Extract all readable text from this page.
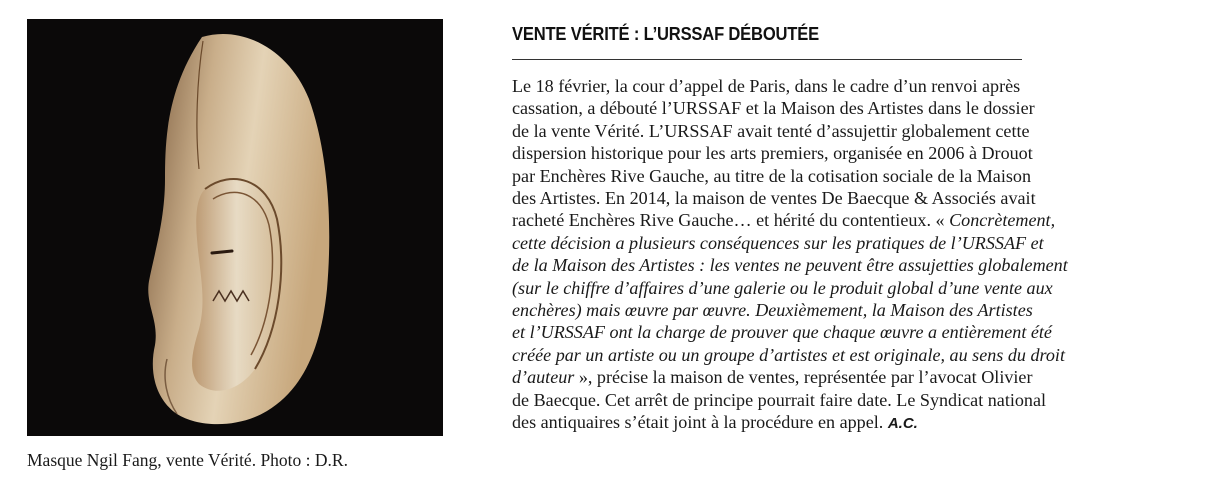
Masque Ngil Fang, vente Vérité. Photo : D.R.
VENTE VÉRITÉ : L’URSSAF DÉBOUTÉE
Le 18 février, la cour d’appel de Paris, dans le cadre d’un renvoi après
cassation, a débouté l’URSSAF et la Maison des Artistes dans le dossier
de la vente Vérité. L’URSSAF avait tenté d’assujettir globalement cette
dispersion historique pour les arts premiers, organisée en 2006 à Drouot
par Enchères Rive Gauche, au titre de la cotisation sociale de la Maison
des Artistes. En 2014, la maison de ventes De Baecque & Associés avait
racheté Enchères Rive Gauche… et hérité du contentieux. « Concrètement,
cette décision a plusieurs conséquences sur les pratiques de l’URSSAF et
de la Maison des Artistes : les ventes ne peuvent être assujetties globalement
(sur le chiffre d’affaires d’une galerie ou le produit global d’une vente aux
enchères) mais œuvre par œuvre. Deuxièmement, la Maison des Artistes
et l’URSSAF ont la charge de prouver que chaque œuvre a entièrement été
créée par un artiste ou un groupe d’artistes et est originale, au sens du droit
d’auteur », précise la maison de ventes, représentée par l’avocat Olivier
de Baecque. Cet arrêt de principe pourrait faire date. Le Syndicat national
des antiquaires s’était joint à la procédure en appel. A.C.
